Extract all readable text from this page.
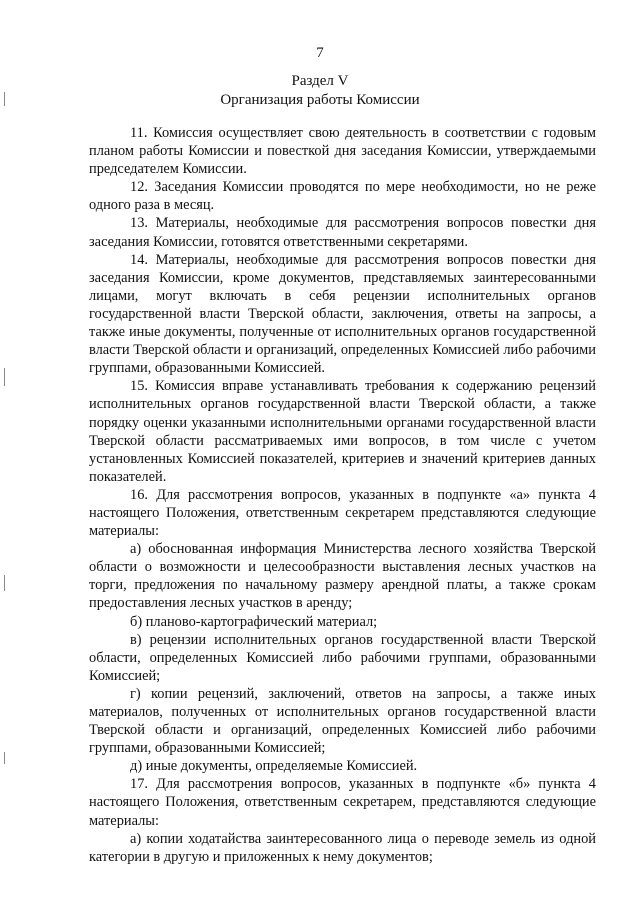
7
Раздел V
Организация работы Комиссии

11. Комиссия осуществляет свою деятельность в соответствии с годовым планом работы Комиссии и повесткой дня заседания Комиссии, утверждаемыми председателем Комиссии.

12. Заседания Комиссии проводятся по мере необходимости, но не реже одного раза в месяц.

13. Материалы, необходимые для рассмотрения вопросов повестки дня заседания Комиссии, готовятся ответственными секретарями.

14. Материалы, необходимые для рассмотрения вопросов повестки дня заседания Комиссии, кроме документов, представляемых заинтересованными лицами, могут включать в себя рецензии исполнительных органов государственной власти Тверской области, заключения, ответы на запросы, а также иные документы, полученные от исполнительных органов государственной власти Тверской области и организаций, определенных Комиссией либо рабочими группами, образованными Комиссией.

15. Комиссия вправе устанавливать требования к содержанию рецензий исполнительных органов государственной власти Тверской области, а также порядку оценки указанными исполнительными органами государственной власти Тверской области рассматриваемых ими вопросов, в том числе с учетом установленных Комиссией показателей, критериев и значений критериев данных показателей.

16. Для рассмотрения вопросов, указанных в подпункте «а» пункта 4 настоящего Положения, ответственным секретарем представляются следующие материалы:

а) обоснованная информация Министерства лесного хозяйства Тверской области о возможности и целесообразности выставления лесных участков на торги, предложения по начальному размеру арендной платы, а также срокам предоставления лесных участков в аренду;

б) планово-картографический материал;

в) рецензии исполнительных органов государственной власти Тверской области, определенных Комиссией либо рабочими группами, образованными Комиссией;

г) копии рецензий, заключений, ответов на запросы, а также иных материалов, полученных от исполнительных органов государственной власти Тверской области и организаций, определенных Комиссией либо рабочими группами, образованными Комиссией;

д) иные документы, определяемые Комиссией.

17. Для рассмотрения вопросов, указанных в подпункте «б» пункта 4 настоящего Положения, ответственным секретарем, представляются следующие материалы:

а) копии ходатайства заинтересованного лица о переводе земель из одной категории в другую и приложенных к нему документов;
